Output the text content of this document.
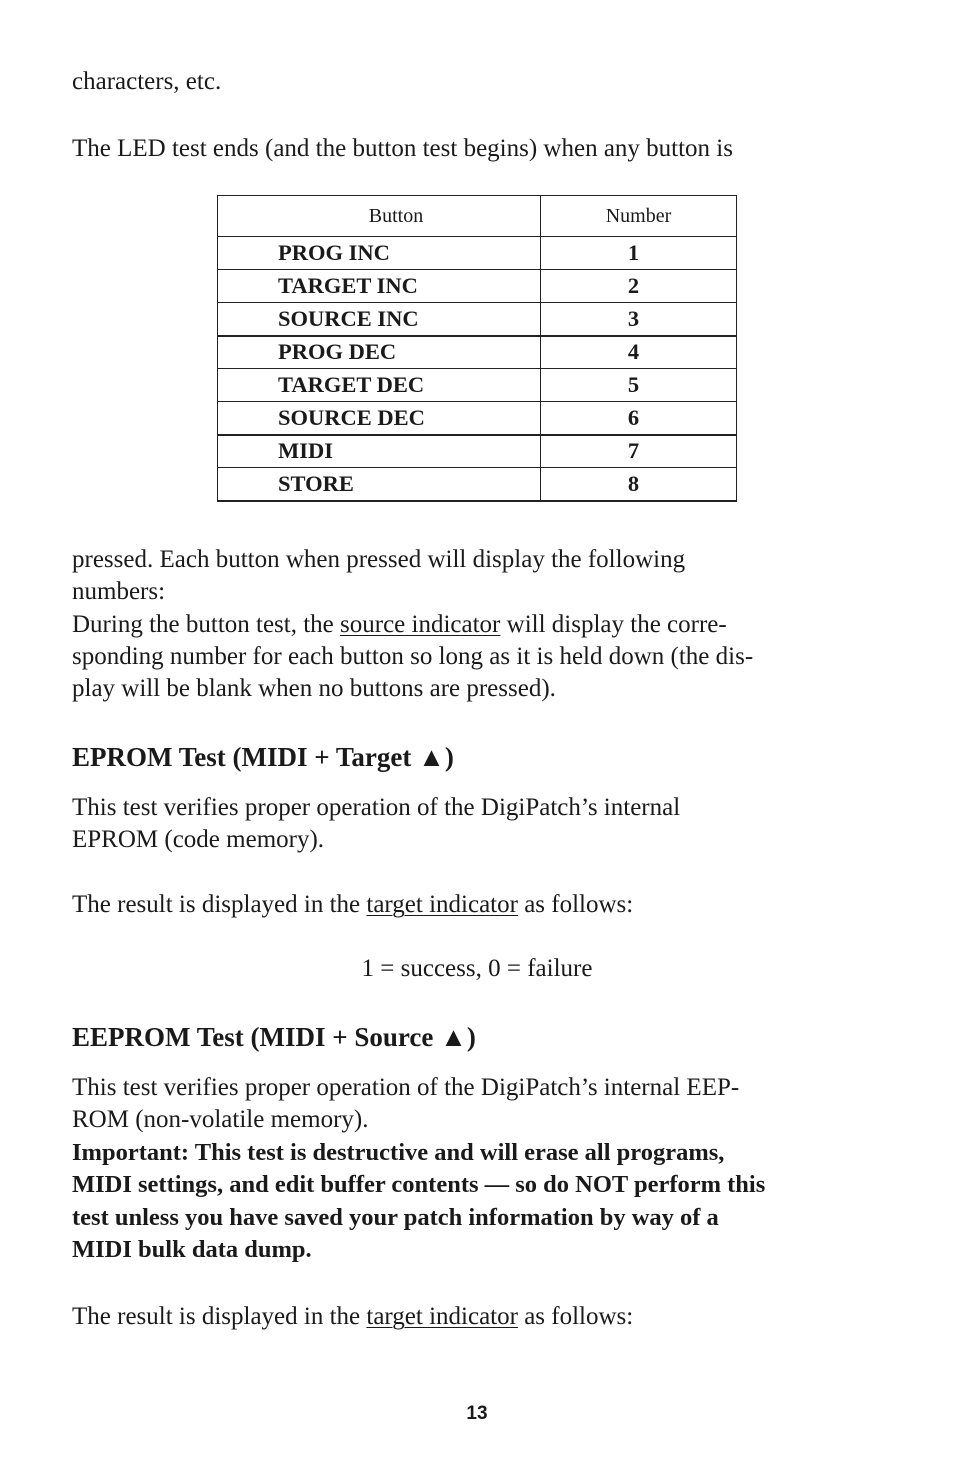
characters, etc.

The LED test ends (and the button test begins) when any button is

pressed. Each button when pressed will display the following
numbers:
During the button test, the source indicator will display the corre-
sponding number for each button so long as it is held down (the dis-
play will be blank when no buttons are pressed).
EPROM Test (MIDI + Target ▲)
This test verifies proper operation of the DigiPatch’s internal
EPROM (code memory).

The result is displayed in the target indicator as follows:

1 = success, 0 = failure

EEPROM Test (MIDI + Source ▲)
This test verifies proper operation of the DigiPatch’s internal EEP-
ROM (non-volatile memory).
Important: This test is destructive and will erase all programs,
MIDI settings, and edit buffer contents — so do NOT perform this
test unless you have saved your patch information by way of a
MIDI bulk data dump.

The result is displayed in the target indicator as follows:

Button	Number
PROG INC	1
TARGET INC	2
SOURCE INC	3
PROG DEC	4
TARGET DEC	5
SOURCE DEC	6
MIDI	7
STORE	8
13
